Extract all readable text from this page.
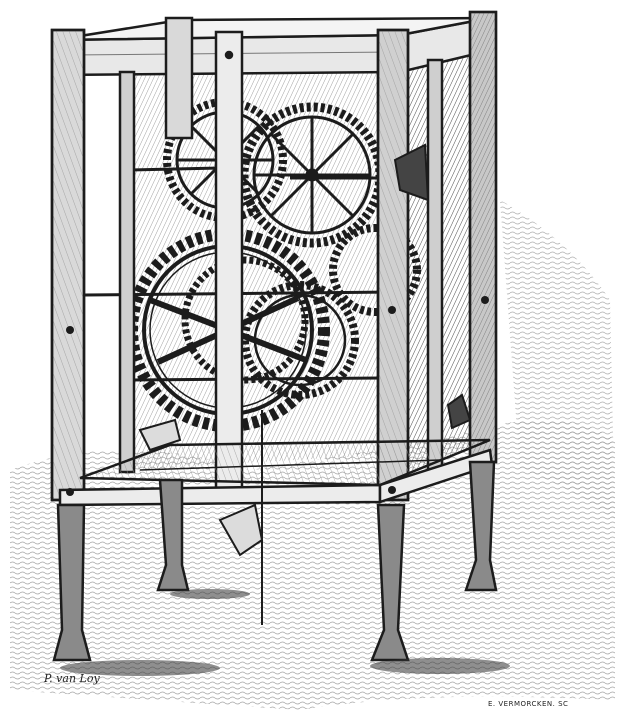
P. van Loy
E. VERMORCKEN. SC
